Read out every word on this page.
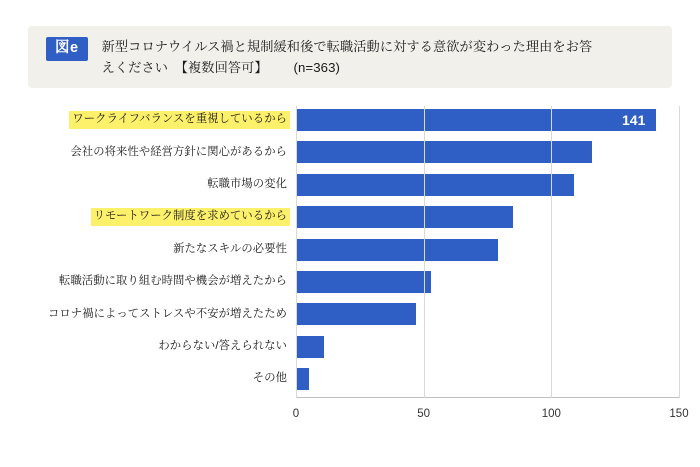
図e	新型コロナウイルス禍と規制緩和後で転職活動に対する意欲が変わった理由をお答
えください　【複数回答可】 (n=363)
ワークライフバランスを重視しているから
会社の将来性や経営方針に関心があるから
転職市場の変化
リモートワーク制度を求めているから
新たなスキルの必要性
転職活動に取り組む時間や機会が増えたから
コロナ禍によってストレスや不安が増えたため
わからない/答えられない
その他
141
0	50	100	150
